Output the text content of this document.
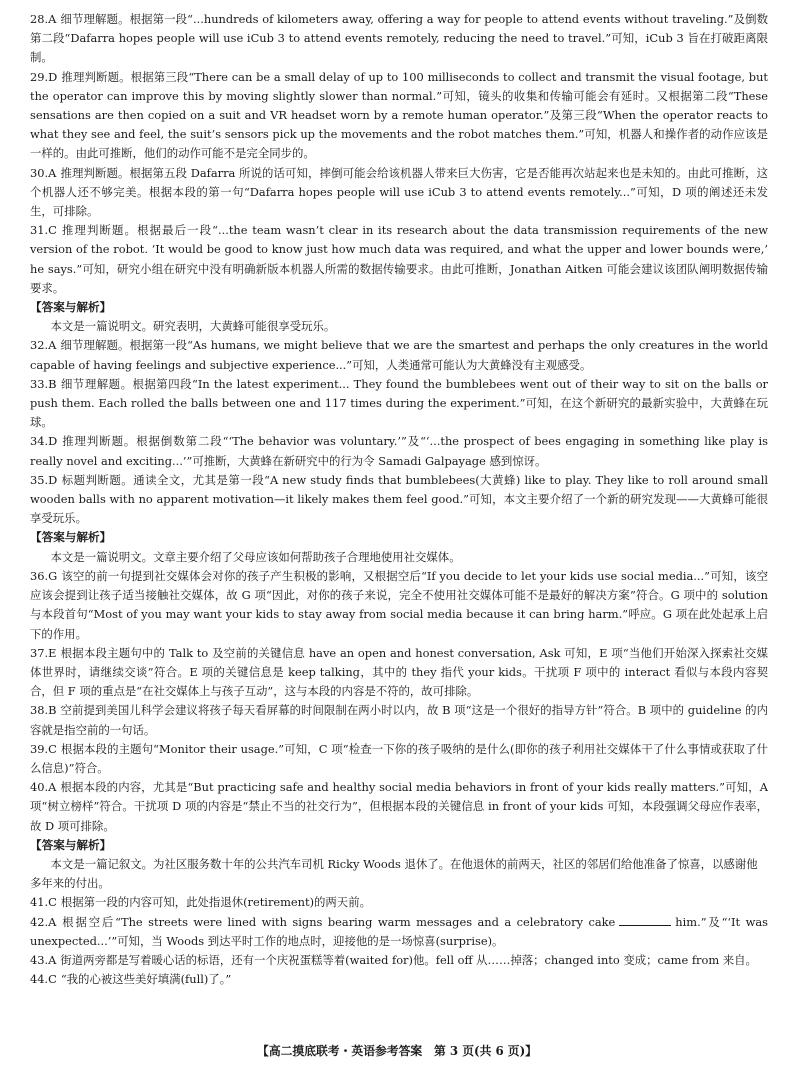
28.A 细节理解题。根据第一段“...hundreds of kilometers away, offering a way for people to attend events without traveling.”及倒数第二段“Dafarra hopes people will use iCub 3 to attend events remotely, reducing the need to travel.”可知，iCub 3 旨在打破距离限制。

29.D 推理判断题。根据第三段“There can be a small delay of up to 100 milliseconds to collect and transmit the visual footage, but the operator can improve this by moving slightly slower than normal.”可知，镜头的收集和传输可能会有延时。又根据第二段“These sensations are then copied on a suit and VR headset worn by a remote human operator.”及第三段“When the operator reacts to what they see and feel, the suit’s sensors pick up the movements and the robot matches them.”可知，机器人和操作者的动作应该是一样的。由此可推断，他们的动作可能不是完全同步的。

30.A 推理判断题。根据第五段 Dafarra 所说的话可知，摔倒可能会给该机器人带来巨大伤害，它是否能再次站起来也是未知的。由此可推断，这个机器人还不够完美。根据本段的第一句“Dafarra hopes people will use iCub 3 to attend events remotely...”可知，D 项的阐述还未发生，可排除。

31.C 推理判断题。根据最后一段“...the team wasn’t clear in its research about the data transmission requirements of the new version of the robot. ‘It would be good to know just how much data was required, and what the upper and lower bounds were,’ he says.”可知，研究小组在研究中没有明确新版本机器人所需的数据传输要求。由此可推断，Jonathan Aitken 可能会建议该团队阐明数据传输要求。

【答案与解析】

本文是一篇说明文。研究表明，大黄蜂可能很享受玩乐。

32.A 细节理解题。根据第一段“As humans, we might believe that we are the smartest and perhaps the only creatures in the world capable of having feelings and subjective experience...”可知，人类通常可能认为大黄蜂没有主观感受。

33.B 细节理解题。根据第四段“In the latest experiment... They found the bumblebees went out of their way to sit on the balls or push them. Each rolled the balls between one and 117 times during the experiment.”可知，在这个新研究的最新实验中，大黄蜂在玩球。

34.D 推理判断题。根据倒数第二段“‘The behavior was voluntary.’”及“‘...the prospect of bees engaging in something like play is really novel and exciting...’”可推断，大黄蜂在新研究中的行为令 Samadi Galpayage 感到惊讶。

35.D 标题判断题。通读全文，尤其是第一段“A new study finds that bumblebees(大黄蜂) like to play. They like to roll around small wooden balls with no apparent motivation—it likely makes them feel good.”可知，本文主要介绍了一个新的研究发现——大黄蜂可能很享受玩乐。

【答案与解析】

本文是一篇说明文。文章主要介绍了父母应该如何帮助孩子合理地使用社交媒体。

36.G 该空的前一句提到社交媒体会对你的孩子产生积极的影响，又根据空后“If you decide to let your kids use social media...”可知，该空应该会提到让孩子适当接触社交媒体，故 G 项“因此，对你的孩子来说，完全不使用社交媒体可能不是最好的解决方案”符合。G 项中的 solution 与本段首句“Most of you may want your kids to stay away from social media because it can bring harm.”呼应。G 项在此处起承上启下的作用。

37.E 根据本段主题句中的 Talk to 及空前的关键信息 have an open and honest conversation, Ask 可知，E 项“当他们开始深入探索社交媒体世界时，请继续交谈”符合。E 项的关键信息是 keep talking，其中的 they 指代 your kids。干扰项 F 项中的 interact 看似与本段内容契合，但 F 项的重点是“在社交媒体上与孩子互动”，这与本段的内容是不符的，故可排除。

38.B 空前提到美国儿科学会建议将孩子每天看屏幕的时间限制在两小时以内，故 B 项“这是一个很好的指导方针”符合。B 项中的 guideline 的内容就是指空前的一句话。

39.C 根据本段的主题句“Monitor their usage.”可知，C 项“检查一下你的孩子吸纳的是什么(即你的孩子利用社交媒体干了什么事情或获取了什么信息)”符合。

40.A 根据本段的内容，尤其是“But practicing safe and healthy social media behaviors in front of your kids really matters.”可知，A 项“树立榜样”符合。干扰项 D 项的内容是“禁止不当的社交行为”，但根据本段的关键信息 in front of your kids 可知，本段强调父母应作表率，故 D 项可排除。

【答案与解析】

本文是一篇记叙文。为社区服务数十年的公共汽车司机 Ricky Woods 退休了。在他退休的前两天，社区的邻居们给他准备了惊喜，以感谢他多年来的付出。

41.C 根据第一段的内容可知，此处指退休(retirement)的两天前。

42.A 根据空后“The streets were lined with signs bearing warm messages and a celebratory cake	him.”及“‘It was unexpected...’”可知，当 Woods 到达平时工作的地点时，迎接他的是一场惊喜(surprise)。

43.A 街道两旁都是写着暖心话的标语，还有一个庆祝蛋糕等着(waited for)他。fell off 从……掉落；changed into 变成；came from 来自。

44.C “我的心被这些美好填满(full)了。”

【高二摸底联考・英语参考答案　第 3 页(共 6 页)】
